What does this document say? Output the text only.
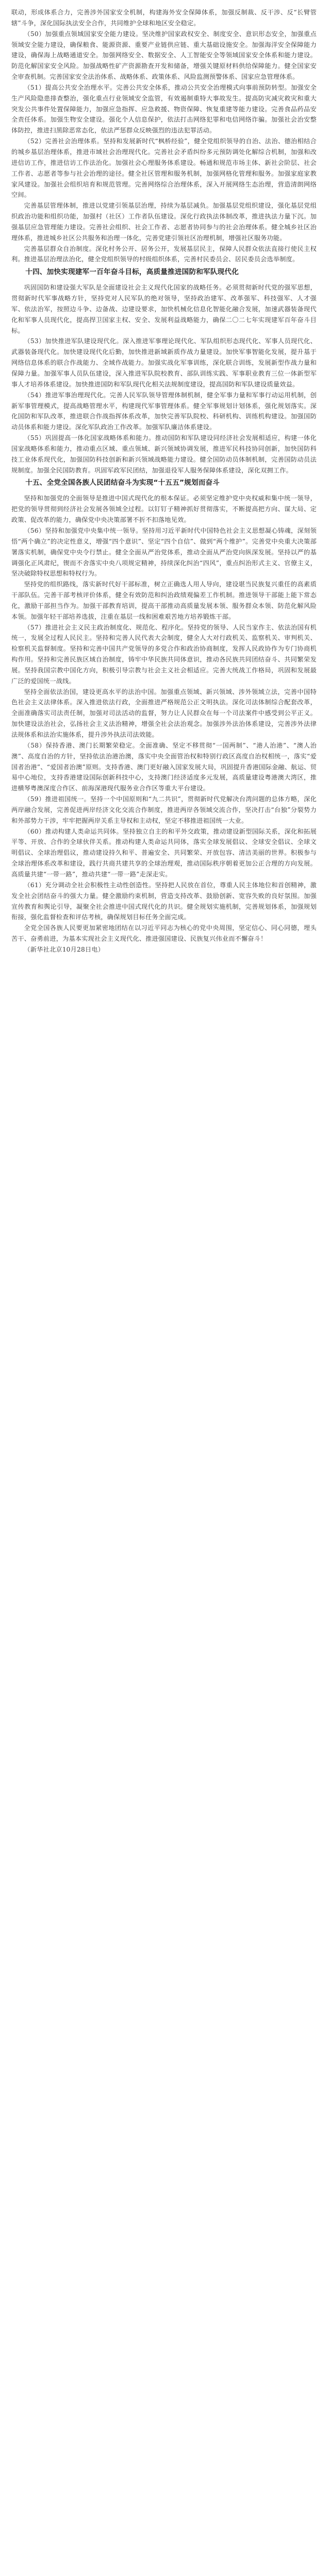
联动，形成体系合力，完善涉外国家安全机制，构建海外安全保障体系，加强反制裁、反干涉、反“长臂管辖”斗争，深化国际执法安全合作，共同维护全球和地区安全稳定。

（50）加强重点领域国家安全能力建设。坚决维护国家政权安全、制度安全、意识形态安全，加强重点领域安全能力建设，确保粮食、能源资源、重要产业链供应链、重大基础设施安全。加强海洋安全保障能力建设，确保海上战略通道安全。加强网络安全、数据安全、人工智能安全等领域国家安全体系和能力建设。防范化解国家安全风险。加强战略性矿产资源勘查开发和储备，增强关键原材料供给保障能力。健全国家安全审查机制。完善国家安全法治体系、战略体系、政策体系、风险监测预警体系、国家应急管理体系。

（51）提高公共安全治理水平。完善公共安全体系，推动公共安全治理模式向事前预防转型。加强安全生产风险隐患排查整治，强化重点行业领域安全监管，有效遏制重特大事故发生。提高防灾减灾救灾和重大突发公共事件处置保障能力，加强应急指挥、应急救援、物资保障、恢复重建等能力建设。完善食品药品安全责任体系。加强生物安全建设。强化个人信息保护，依法打击网络犯罪和电信网络诈骗。加强社会治安整体防控，推进扫黑除恶常态化，依法严惩群众反映强烈的违法犯罪活动。

（52）完善社会治理体系。坚持和发展新时代“枫桥经验”，健全党组织领导的自治、法治、德治相结合的城乡基层治理体系，推进市域社会治理现代化。完善社会矛盾纠纷多元预防调处化解综合机制，加强和改进信访工作，推进信访工作法治化。加强社会心理服务体系建设。畅通和规范市场主体、新社会阶层、社会工作者、志愿者等参与社会治理的途径。健全社区管理和服务机制，加强网格化管理和服务。加强家庭家教家风建设。加强社会组织培育和规范管理。完善网络综合治理体系，深入开展网络生态治理，营造清朗网络空间。

完善基层管理体制，推进以党建引领基层治理，持续为基层减负。加强基层党组织建设，强化基层党组织政治功能和组织功能，加强村（社区）工作者队伍建设。深化行政执法体制改革，推进执法力量下沉。加强基层应急管理能力建设。完善社会组织、社会工作者、志愿者协同参与的社会治理体系。健全城乡社区治理体系，推进城乡社区公共服务和治理一体化，完善党建引领社区治理机制，增强社区服务功能。

完善基层群众自治制度。深化村务公开、居务公开，发展基层民主，保障人民群众依法直接行使民主权利。推进基层治理法治化，健全党组织领导的村级组织体系，完善村民委员会、居民委员会选举制度。

十四、加快实现建军一百年奋斗目标，高质量推进国防和军队现代化

巩固国防和建设强大军队是全面建设社会主义现代化国家的战略任务。必须贯彻新时代党的强军思想，贯彻新时代军事战略方针，坚持党对人民军队的绝对领导，坚持政治建军、改革强军、科技强军、人才强军、依法治军，按照边斗争、边备战、边建设要求，加快机械化信息化智能化融合发展，加速武器装备现代化和军事人员现代化，提高捍卫国家主权、安全、发展利益战略能力，确保二〇二七年实现建军百年奋斗目标。

（53）加快推进军队建设现代化。深入推进军事理论现代化、军队组织形态现代化、军事人员现代化、武器装备现代化。加快建设现代化后勤，加快推进新域新质作战力量建设。加快军事智能化发展，提升基于网络信息体系的联合作战能力、全域作战能力。加强实战化军事训练，深化联合训练，发展新型作战力量和保障力量。加强军事人员队伍建设，深入推进军队院校教育、部队训练实践、军事职业教育三位一体新型军事人才培养体系建设。加快推进国防和军队现代化相关法规制度建设，提高国防和军队建设质量效益。

（54）推进军事治理现代化。完善人民军队领导管理体制机制，健全军事力量和军事行动运用机制，创新军事管理模式，提高战略管理水平，构建现代军事管理体系。健全军事规划计划体系，强化规划落实。深化国防和军队改革，推进联合作战指挥体系改革，加快完善军队院校、科研机构、训练机构建设。加强国防动员体系和能力建设。深化军队政治工作改革。加强军队廉洁体系建设。

（55）巩固提高一体化国家战略体系和能力。推动国防和军队建设同经济社会发展相适应，构建一体化国家战略体系和能力，推动重点区域、重点领域、新兴领域协调发展，推进军民科技协同创新，加快国防科技工业体系现代化，加强国防科技创新和新兴领域战略能力建设。健全国防动员体制机制，完善国防动员法规制度。加强全民国防教育。巩固军政军民团结，加强退役军人服务保障体系建设，深化双拥工作。

十五、全党全国各族人民团结奋斗为实现“十五五”规划而奋斗

坚持和加强党的全面领导是推进中国式现代化的根本保证。必须坚定维护党中央权威和集中统一领导，把党的领导贯彻到经济社会发展各领域全过程。以钉钉子精神抓好贯彻落实，不断提高把方向、谋大局、定政策、促改革的能力，确保党中央决策部署不折不扣落地见效。

（56）坚持和加强党中央集中统一领导。坚持用习近平新时代中国特色社会主义思想凝心铸魂，深刻领悟“两个确立”的决定性意义，增强“四个意识”、坚定“四个自信”、做到“两个维护”。完善党中央重大决策部署落实机制，确保党中央令行禁止。健全全面从严治党体系，推动全面从严治党向纵深发展。坚持以严的基调强化正风肃纪，锲而不舍落实中央八项规定精神，持续深化纠治“四风”，重点纠治形式主义、官僚主义，坚决破除特权思想和特权行为。

坚持党的组织路线，落实新时代好干部标准，树立正确选人用人导向，建设堪当民族复兴重任的高素质干部队伍。完善干部考核评价体系，健全有效防范和纠治政绩观偏差工作机制。推进领导干部能上能下常态化，激励干部担当作为。加强干部教育培训，提高干部推动高质量发展本领、服务群众本领、防范化解风险本领。加强年轻干部培养选拔，注重在基层一线和困难艰苦地方培养锻炼干部。

（57）推进社会主义民主政治制度化、规范化、程序化。坚持党的领导、人民当家作主、依法治国有机统一，发展全过程人民民主。坚持和完善人民代表大会制度，健全人大对行政机关、监察机关、审判机关、检察机关监督制度。坚持和完善中国共产党领导的多党合作和政治协商制度，发挥人民政协作为专门协商机构作用。坚持和完善民族区域自治制度，铸牢中华民族共同体意识，推动各民族共同团结奋斗、共同繁荣发展。坚持我国宗教中国化方向，积极引导宗教与社会主义社会相适应。完善大统战工作格局，巩固和发展最广泛的爱国统一战线。

坚持全面依法治国，建设更高水平的法治中国。加强重点领域、新兴领域、涉外领域立法，完善中国特色社会主义法律体系。深入推进依法行政，全面推进严格规范公正文明执法。深化司法体制综合配套改革，全面准确落实司法责任制，加强对司法活动的监督，努力让人民群众在每一个司法案件中感受到公平正义。加快建设法治社会，弘扬社会主义法治精神，增强全社会法治观念。加强涉外法治体系建设，完善涉外法律法规体系和法治实施体系，提升涉外执法司法效能。

（58）保持香港、澳门长期繁荣稳定。全面准确、坚定不移贯彻“一国两制”、“港人治港”、“澳人治澳”、高度自治的方针，坚持依法治港治澳，落实中央全面管治权和特别行政区高度自治权相统一，落实“爱国者治港”、“爱国者治澳”原则。支持香港、澳门更好融入国家发展大局，巩固提升香港国际金融、航运、贸易中心地位，支持香港建设国际创新科技中心，支持澳门经济适度多元发展，高质量建设粤港澳大湾区，推进横琴粤澳深度合作区、前海深港现代服务业合作区等重大平台建设。

（59）推进祖国统一。坚持一个中国原则和“九二共识”，贯彻新时代党解决台湾问题的总体方略，深化两岸融合发展，完善促进两岸经济文化交流合作制度，推进两岸各领域交流合作，坚决打击“台独”分裂势力和外部势力干涉，牢牢把握两岸关系主导权和主动权，坚定不移推进祖国统一大业。

（60）推动构建人类命运共同体。坚持独立自主的和平外交政策，推动建设新型国际关系，深化和拓展平等、开放、合作的全球伙伴关系。推动构建人类命运共同体，落实全球发展倡议、全球安全倡议、全球文明倡议、全球治理倡议，推动建设持久和平、普遍安全、共同繁荣、开放包容、清洁美丽的世界。积极参与全球治理体系改革和建设，践行共商共建共享的全球治理观，推动国际秩序朝着更加公正合理的方向发展。高质量共建“一带一路”，推动共建“一带一路”走深走实。

（61）充分调动全社会积极性主动性创造性。坚持把人民放在首位，尊重人民主体地位和首创精神，激发全社会团结奋斗的强大力量。健全激励约束机制，营造支持改革、鼓励创新、宽容失败的良好氛围。加强宣传教育和舆论引导，凝聚全社会推进中国式现代化的共识。健全规划实施机制，完善规划体系，加强规划衔接，强化监督检查和评估考核，确保规划目标任务全面完成。

全党全国各族人民要更加紧密地团结在以习近平同志为核心的党中央周围，坚定信心、同心同德，埋头苦干、奋勇前进，为基本实现社会主义现代化、推进强国建设、民族复兴伟业而不懈奋斗！

（新华社北京10月28日电）
